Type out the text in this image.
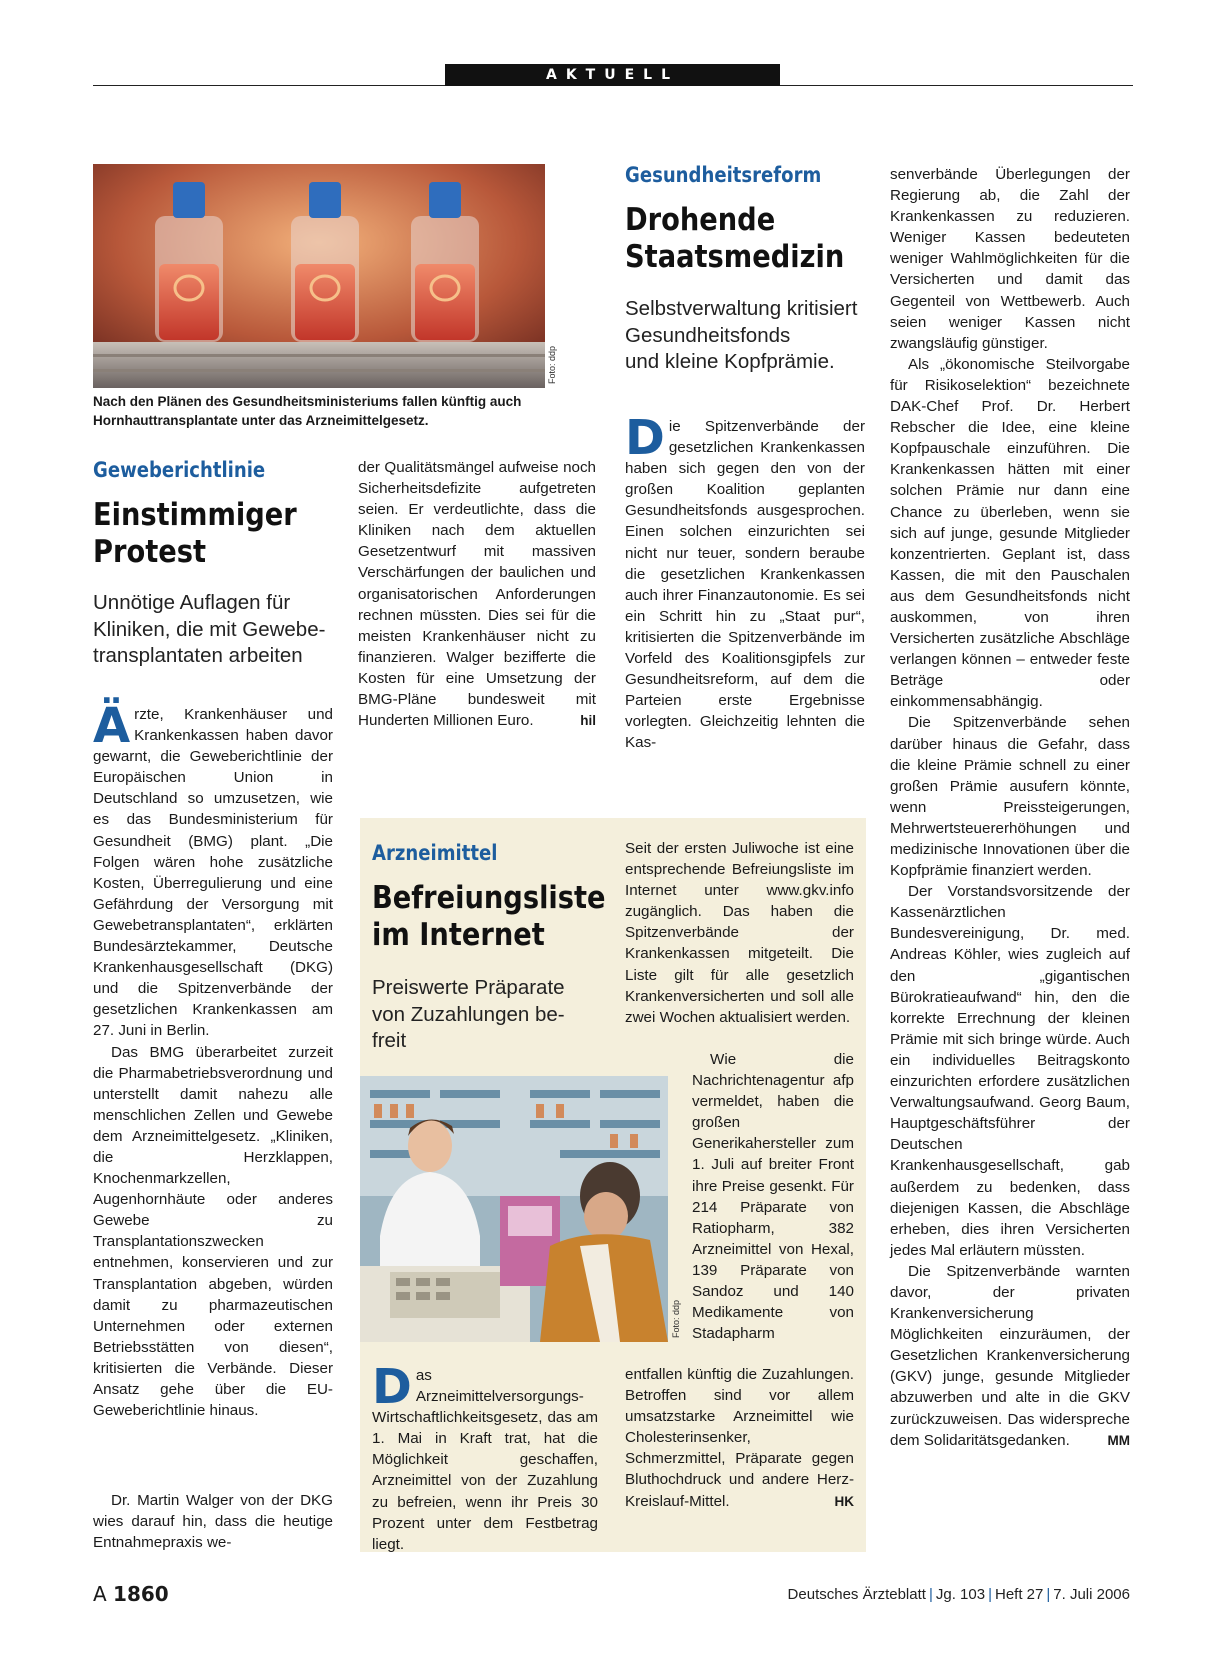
AKTUELL
Foto: ddp
Nach den Plänen des Gesundheitsministeriums fallen künftig auch Hornhauttransplantate unter das Arzneimittelgesetz.
Geweberichtlinie
Einstimmiger
Protest
Unnötige Auflagen für
Kliniken, die mit Gewebe-
transplantaten arbeiten

Ärzte, Krankenhäuser und Krankenkassen haben davor gewarnt, die Geweberichtlinie der Europäischen Union in Deutschland so umzusetzen, wie es das Bundesministerium für Gesundheit (BMG) plant. „Die Folgen wären hohe zusätzliche Kosten, Überregulierung und eine Gefährdung der Versorgung mit Gewebetransplantaten“, erklärten Bundesärztekammer, Deutsche Krankenhausgesellschaft (DKG) und die Spitzenverbände der gesetzlichen Krankenkassen am 27. Juni in Berlin.

Das BMG überarbeitet zurzeit die Pharmabetriebsverordnung und unterstellt damit nahezu alle menschlichen Zellen und Gewebe dem Arzneimittelgesetz. „Kliniken, die Herzklappen, Knochenmarkzellen, Augenhornhäute oder anderes Gewebe zu Transplantationszwecken entnehmen, konservieren und zur Transplantation abgeben, würden damit zu pharmazeutischen Unternehmen oder externen Betriebsstätten von diesen“, kritisierten die Verbände. Dieser Ansatz gehe über die EU-Geweberichtlinie hinaus.

Dr. Martin Walger von der DKG wies darauf hin, dass die heutige Entnahmepraxis we-

der Qualitätsmängel aufweise noch Sicherheitsdefizite aufgetreten seien. Er verdeutlichte, dass die Kliniken nach dem aktuellen Gesetzentwurf mit massiven Verschärfungen der baulichen und organisatorischen Anforderungen rechnen müssten. Dies sei für die meisten Krankenhäuser nicht zu finanzieren. Walger bezifferte die Kosten für eine Umsetzung der BMG-Pläne bundesweit mit Hunderten Millionen Euro.	hil

Gesundheitsreform
Drohende
Staatsmedizin
Selbstverwaltung kritisiert
Gesundheitsfonds
und kleine Kopfprämie.

Die Spitzenverbände der gesetzlichen Krankenkassen haben sich gegen den von der großen Koalition geplanten Gesundheitsfonds ausgesprochen. Einen solchen einzurichten sei nicht nur teuer, sondern beraube die gesetzlichen Krankenkassen auch ihrer Finanzautonomie. Es sei ein Schritt hin zu „Staat pur“, kritisierten die Spitzenverbände im Vorfeld des Koalitionsgipfels zur Gesundheitsreform, auf dem die Parteien erste Ergebnisse vorlegten. Gleichzeitig lehnten die Kas-

senverbände Überlegungen der Regierung ab, die Zahl der Krankenkassen zu reduzieren. Weniger Kassen bedeuteten weniger Wahlmöglichkeiten für die Versicherten und damit das Gegenteil von Wettbewerb. Auch seien weniger Kassen nicht zwangsläufig günstiger.

Als „ökonomische Steilvorgabe für Risikoselektion“ bezeichnete DAK-Chef Prof. Dr. Herbert Rebscher die Idee, eine kleine Kopfpauschale einzuführen. Die Krankenkassen hätten mit einer solchen Prämie nur dann eine Chance zu überleben, wenn sie sich auf junge, gesunde Mitglieder konzentrierten. Geplant ist, dass Kassen, die mit den Pauschalen aus dem Gesundheitsfonds nicht auskommen, von ihren Versicherten zusätzliche Abschläge verlangen können – entweder feste Beträge oder einkommensabhängig.

Die Spitzenverbände sehen darüber hinaus die Gefahr, dass die kleine Prämie schnell zu einer großen Prämie ausufern könnte, wenn Preissteigerungen, Mehrwertsteuererhöhungen und medizinische Innovationen über die Kopfprämie finanziert werden.

Der Vorstandsvorsitzende der Kassenärztlichen Bundesvereinigung, Dr. med. Andreas Köhler, wies zugleich auf den „gigantischen Bürokratieaufwand“ hin, den die korrekte Errechnung der kleinen Prämie mit sich bringe würde. Auch ein individuelles Beitragskonto einzurichten erfordere zusätzlichen Verwaltungsaufwand. Georg Baum, Hauptgeschäftsführer der Deutschen Krankenhausgesellschaft, gab außerdem zu bedenken, dass diejenigen Kassen, die Abschläge erheben, dies ihren Versicherten jedes Mal erläutern müssten.

Die Spitzenverbände warnten davor, der privaten Krankenversicherung Möglichkeiten einzuräumen, der Gesetzlichen Krankenversicherung (GKV) junge, gesunde Mitglieder abzuwerben und alte in die GKV zurückzuweisen. Das widerspreche dem Solidaritätsgedanken.	MM

Arzneimittel
Befreiungsliste
im Internet
Preiswerte Präparate
von Zuzahlungen be-
freit
Foto: ddp

Das Arzneimittelversorgungs-Wirtschaftlichkeitsgesetz, das am 1. Mai in Kraft trat, hat die Möglichkeit geschaffen, Arzneimittel von der Zuzahlung zu befreien, wenn ihr Preis 30 Prozent unter dem Festbetrag liegt.

Seit der ersten Juliwoche ist eine entsprechende Befreiungsliste im Internet unter www.gkv.info zugänglich. Das haben die Spitzenverbände der Krankenkassen mitgeteilt. Die Liste gilt für alle gesetzlich Krankenversicherten und soll alle zwei Wochen aktualisiert werden.

Wie die Nachrichtenagentur afp vermeldet, haben die großen Generikahersteller zum 1. Juli auf breiter Front ihre Preise gesenkt. Für 214 Präparate von Ratiopharm, 382 Arzneimittel von Hexal, 139 Präparate von Sandoz und 140 Medikamente von Stadapharm

entfallen künftig die Zuzahlungen. Betroffen sind vor allem umsatzstarke Arzneimittel wie Cholesterinsenker, Schmerzmittel, Präparate gegen Bluthochdruck und andere Herz-Kreislauf-Mittel.	HK

A 1860	Deutsches Ärzteblatt | Jg. 103 | Heft 27 | 7. Juli 2006
